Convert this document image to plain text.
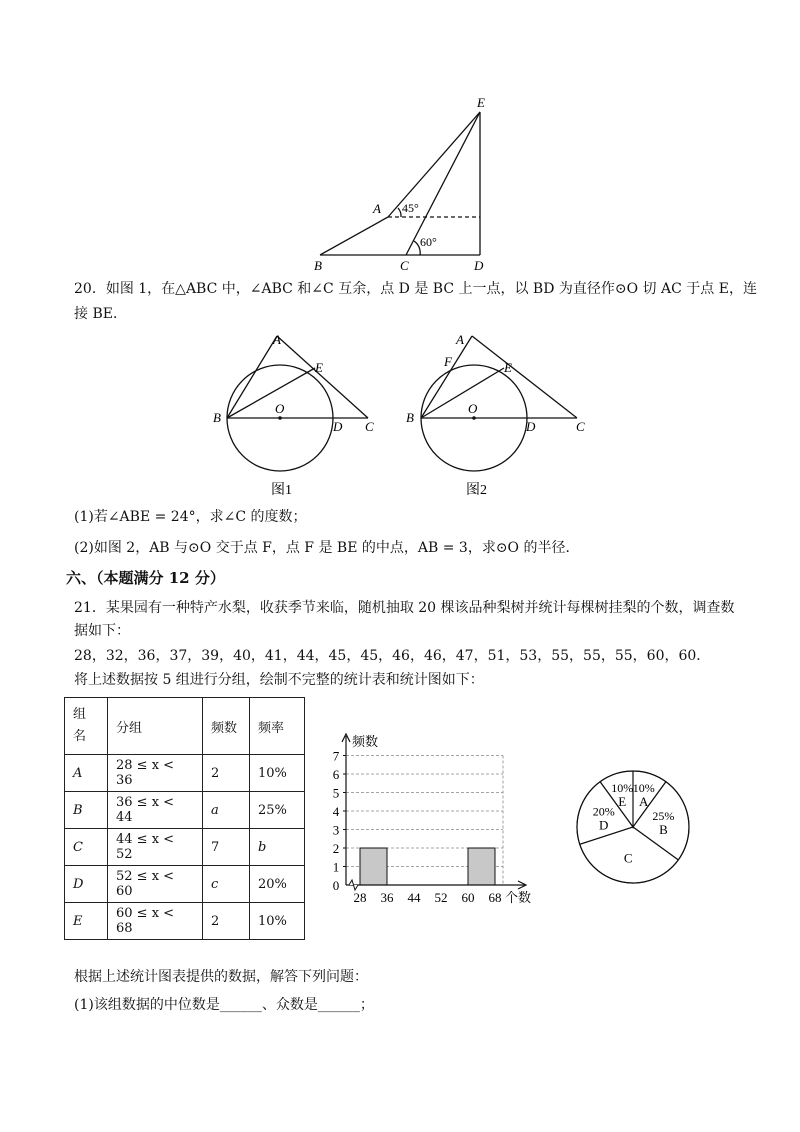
E
A
B	C	D
45°
60°
20．如图 1，在△ABC 中，∠ABC 和∠C 互余，点 D 是 BC 上一点，以 BD 为直径作⊙O 切 AC 于点 E，连
接 BE．
A
E
B
O
D C
图1
A
F	E
B
O
D	C
图2
(1)若∠ABE = 24°，求∠C 的度数；
(2)如图 2，AB 与⊙O 交于点 F，点 F 是 BE 的中点，AB = 3，求⊙O 的半径．
六、（本题满分 12 分）
21．某果园有一种特产水梨，收获季节来临，随机抽取 20 棵该品种梨树并统计每棵树挂梨的个数，调查数
据如下：
28，32，36，37，39，40，41，44，45，45，46，46，47，51，53，55，55，55，60，60．
将上述数据按 5 组进行分组，绘制不完整的统计表和统计图如下：
组
名	分组	频数	频率
A	28 ≤ x < 36	2	10%
B	36 ≤ x < 44	a	25%
C	44 ≤ x < 52	7	b
D	52 ≤ x < 60	c	20%
E	60 ≤ x < 68	2	10%
0
1
2
3
4
5
6
7
28 36 44 52 60 68
频数
个数
10%
A
25%
B
C
20%
D
10%
E
根据上述统计图表提供的数据，解答下列问题：
(1)该组数据的中位数是______、众数是______；
